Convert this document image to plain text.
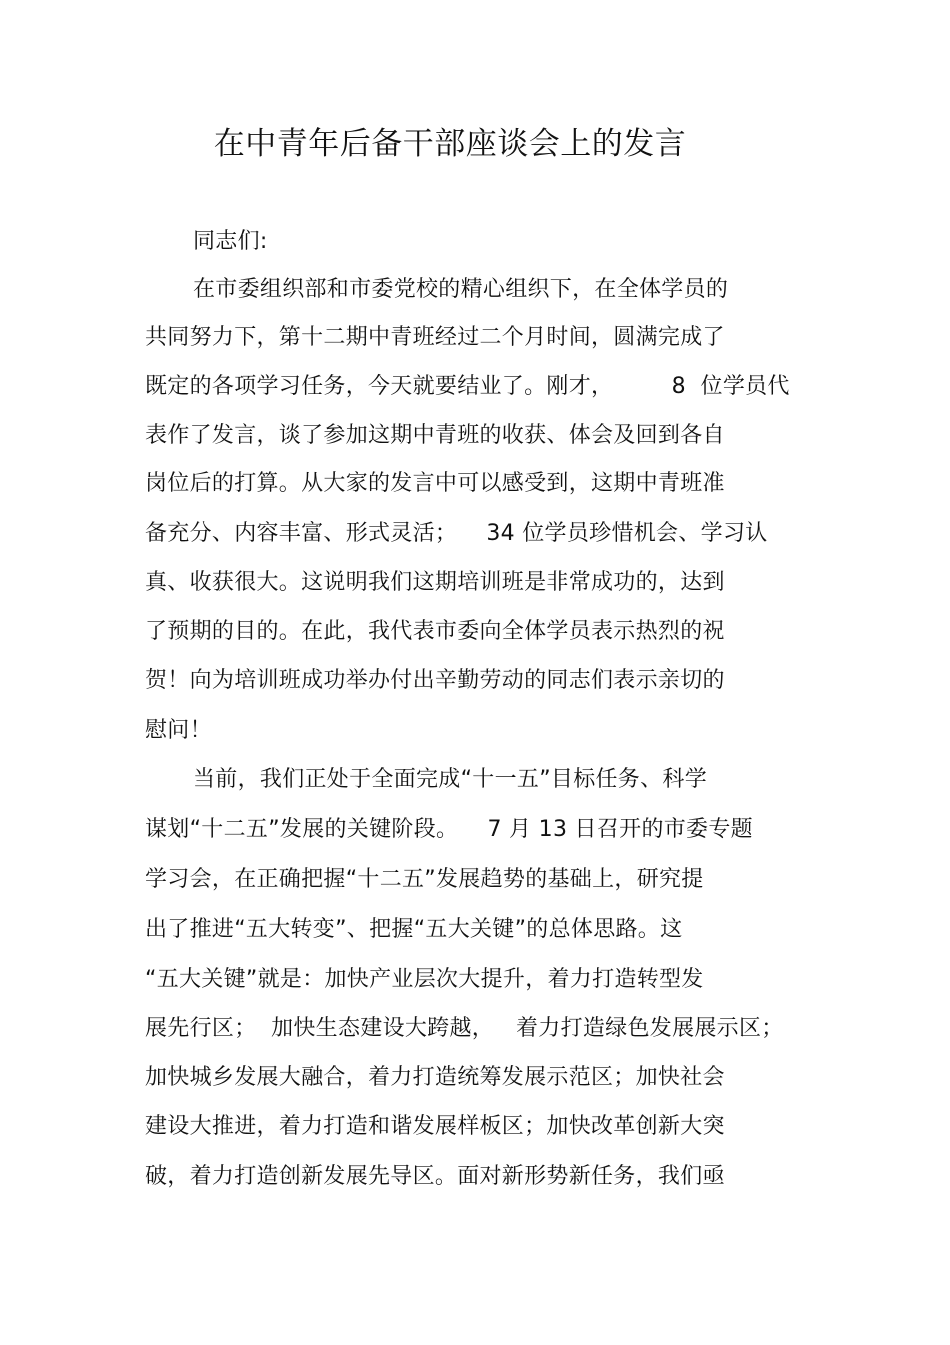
在中青年后备干部座谈会上的发言
同志们:
在市委组织部和市委党校的精心组织下，在全体学员的
共同努力下，第十二期中青班经过二个月时间，圆满完成了
既定的各项学习任务，今天就要结业了。刚才，        8  位学员代
表作了发言，谈了参加这期中青班的收获、体会及回到各自
岗位后的打算。从大家的发言中可以感受到，这期中青班准
备充分、内容丰富、形式灵活；    34 位学员珍惜机会、学习认
真、收获很大。这说明我们这期培训班是非常成功的，达到
了预期的目的。在此，我代表市委向全体学员表示热烈的祝
贺！向为培训班成功举办付出辛勤劳动的同志们表示亲切的
慰问！
当前，我们正处于全面完成“十一五”目标任务、科学
谋划“十二五”发展的关键阶段。    7 月 13 日召开的市委专题
学习会，在正确把握“十二五”发展趋势的基础上，研究提
出了推进“五大转变”、把握“五大关键”的总体思路。这
“五大关键”就是：加快产业层次大提升，着力打造转型发
展先行区；  加快生态建设大跨越，   着力打造绿色发展展示区；
加快城乡发展大融合，着力打造统筹发展示范区；加快社会
建设大推进，着力打造和谐发展样板区；加快改革创新大突
破，着力打造创新发展先导区。面对新形势新任务，我们亟
